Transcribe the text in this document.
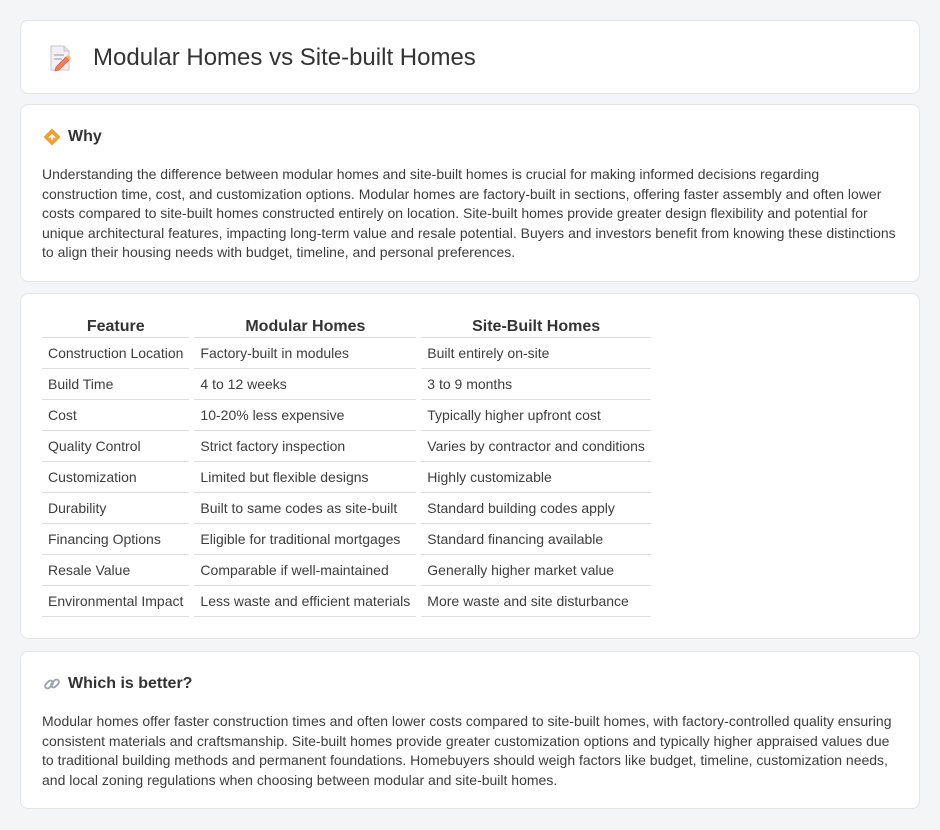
Modular Homes vs Site-built Homes
Why

Understanding the difference between modular homes and site-built homes is crucial for making informed decisions regarding construction time, cost, and customization options. Modular homes are factory-built in sections, offering faster assembly and often lower costs compared to site-built homes constructed entirely on location. Site-built homes provide greater design flexibility and potential for unique architectural features, impacting long-term value and resale potential. Buyers and investors benefit from knowing these distinctions to align their housing needs with budget, timeline, and personal preferences.

Feature	Modular Homes	Site-Built Homes
Construction Location	Factory-built in modules	Built entirely on-site
Build Time	4 to 12 weeks	3 to 9 months
Cost	10-20% less expensive	Typically higher upfront cost
Quality Control	Strict factory inspection	Varies by contractor and conditions
Customization	Limited but flexible designs	Highly customizable
Durability	Built to same codes as site-built	Standard building codes apply
Financing Options	Eligible for traditional mortgages	Standard financing available
Resale Value	Comparable if well-maintained	Generally higher market value
Environmental Impact	Less waste and efficient materials	More waste and site disturbance
Which is better?

Modular homes offer faster construction times and often lower costs compared to site-built homes, with factory-controlled quality ensuring consistent materials and craftsmanship. Site-built homes provide greater customization options and typically higher appraised values due to traditional building methods and permanent foundations. Homebuyers should weigh factors like budget, timeline, customization needs, and local zoning regulations when choosing between modular and site-built homes.
